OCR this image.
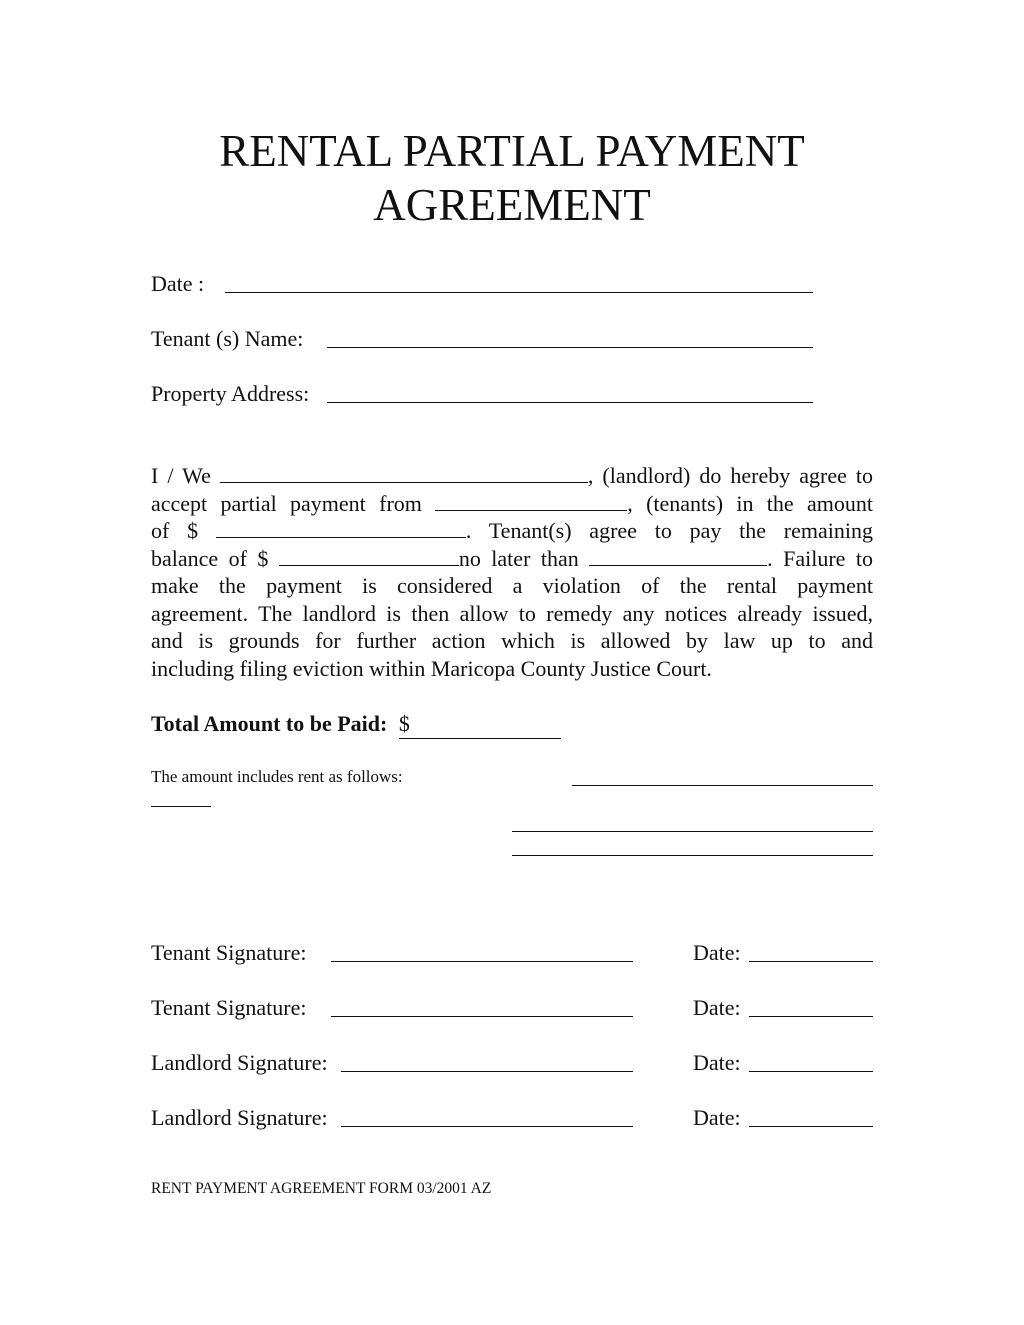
RENTAL PARTIAL PAYMENT
AGREEMENT
Date :
Tenant (s) Name:
Property Address:
I / We	, (landlord) do hereby agree to
accept partial payment from	, (tenants) in the amount
of $	. Tenant(s) agree to pay the remaining
balance of $	no later than	. Failure to
make the payment is considered a violation of the rental payment
agreement. The landlord is then allow to remedy any notices already issued,
and is grounds for further action which is allowed by law up to and
including filing eviction within Maricopa County Justice Court.
Total Amount to be Paid: $
The amount includes rent as follows:
Tenant Signature:	Date:
Tenant Signature:	Date:
Landlord Signature:	Date:
Landlord Signature:	Date:
RENT PAYMENT AGREEMENT FORM 03/2001 AZ
